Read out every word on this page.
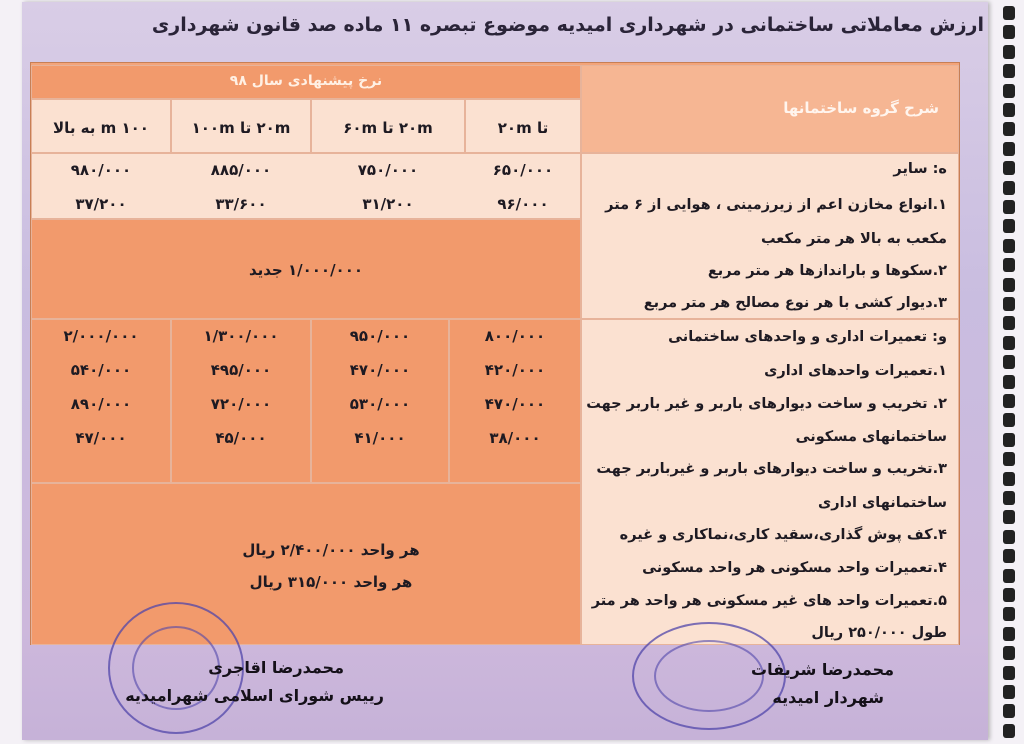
ارزش معاملاتی ساختمانی در شهرداری امیدیه موضوع تبصره ۱۱ ماده صد قانون شهرداری
شرح گروه ساختمانها
نرخ پیشنهادی سال ۹۸
تا ۲۰m
۲۰m تا ۶۰m
۲۰m تا ۱۰۰m
۱۰۰ m به بالا
ه: سایر
۱.انواع مخازن اعم از زیرزمینی ، هوایی از ۶ متر
مکعب به بالا هر متر مکعب
۲.سکوها و باراندازها هر متر مربع
۳.دیوار کشی با هر نوع مصالح هر متر مربع
۶۵۰/۰۰۰
۷۵۰/۰۰۰
۸۸۵/۰۰۰
۹۸۰/۰۰۰
۹۶/۰۰۰
۳۱/۲۰۰
۳۳/۶۰۰
۳۷/۲۰۰
۱/۰۰۰/۰۰۰ جدید
و: تعمیرات اداری و واحدهای ساختمانی
۱.تعمیرات واحدهای اداری
۲. تخریب و ساخت دیوارهای باربر و غیر باربر جهت
ساختمانهای مسکونی
۳.تخریب و ساخت دیوارهای باربر و غیرباربر جهت
ساختمانهای اداری
۴.کف پوش گذاری،سقید کاری،نماکاری و غیره
۴.تعمیرات واحد مسکونی هر واحد مسکونی
۵.تعمیرات واحد های غیر مسکونی هر واحد هر متر
طول ۲۵۰/۰۰۰ ریال
۸۰۰/۰۰۰
۹۵۰/۰۰۰
۱/۳۰۰/۰۰۰
۲/۰۰۰/۰۰۰
۴۲۰/۰۰۰
۴۷۰/۰۰۰
۴۹۵/۰۰۰
۵۴۰/۰۰۰
۴۷۰/۰۰۰
۵۳۰/۰۰۰
۷۲۰/۰۰۰
۸۹۰/۰۰۰
۳۸/۰۰۰
۴۱/۰۰۰
۴۵/۰۰۰
۴۷/۰۰۰
هر واحد ۲/۴۰۰/۰۰۰ ریال
هر واحد ۳۱۵/۰۰۰ ریال
محمدرضا اقاجری
رییس شورای اسلامی شهرامیدیه
محمدرضا شریفات
شهردار امیدیه
